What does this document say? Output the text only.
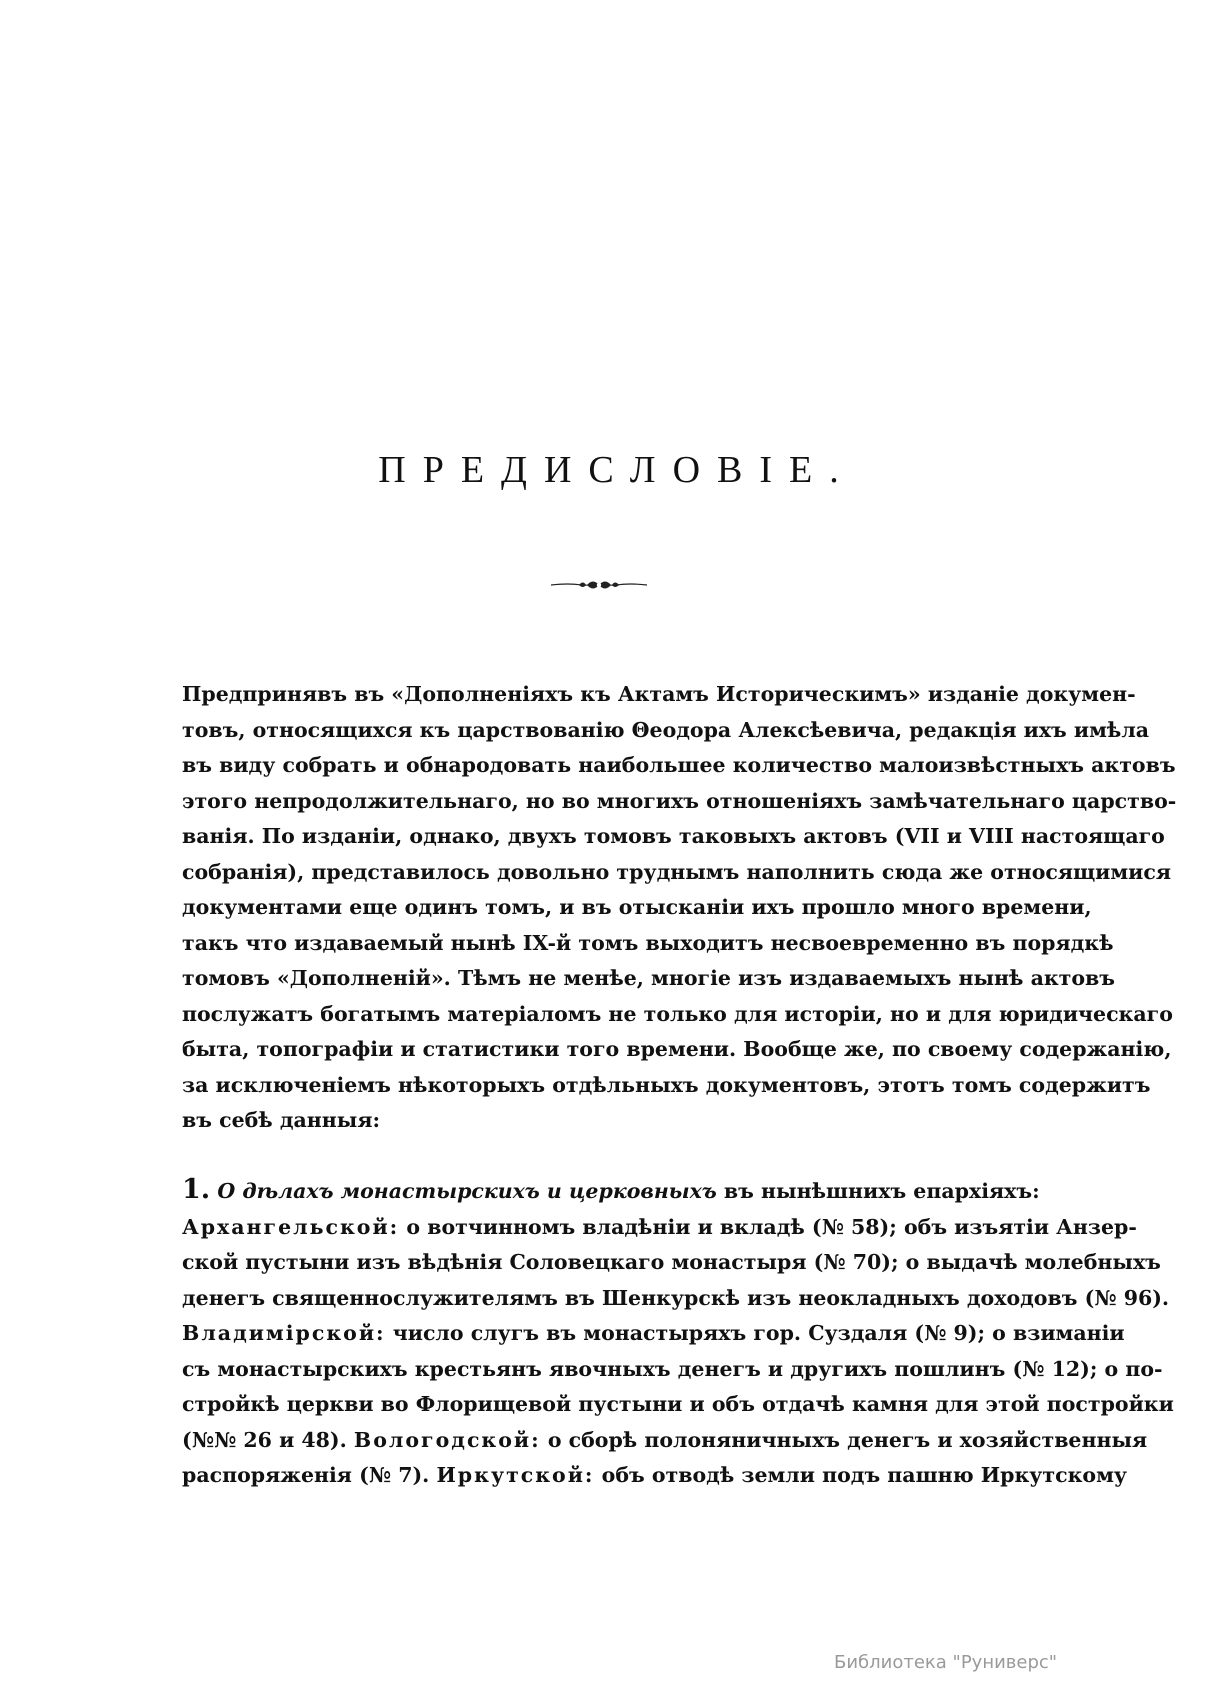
ПРЕДИСЛОВІЕ.
Предпринявъ въ «Дополненіяхъ къ Актамъ Историческимъ» изданіе докумен-
товъ, относящихся къ царствованію Θеодора Алексѣевича, редакція ихъ имѣла
въ виду собрать и обнародовать наибольшее количество малоизвѣстныхъ актовъ
этого непродолжительнаго, но во многихъ отношеніяхъ замѣчательнаго царство-
ванія. По изданіи, однако, двухъ томовъ таковыхъ актовъ (VII и VIII настоящаго
собранія), представилось довольно труднымъ наполнить сюда же относящимися
документами еще одинъ томъ, и въ отысканіи ихъ прошло много времени,
такъ что издаваемый нынѣ IX-й томъ выходитъ несвоевременно въ порядкѣ
томовъ «Дополненій». Тѣмъ не менѣе, многіе изъ издаваемыхъ нынѣ актовъ
послужатъ богатымъ матеріаломъ не только для исторіи, но и для юридическаго
быта, топографіи и статистики того времени. Вообще же, по своему содержанію,
за исключеніемъ нѣкоторыхъ отдѣльныхъ документовъ, этотъ томъ содержитъ
въ себѣ данныя:
1. О дѣлахъ монастырскихъ и церковныхъ въ нынѣшнихъ епархіяхъ:
Архангельской: о вотчинномъ владѣніи и вкладѣ (№ 58); объ изъятіи Анзер-
ской пустыни изъ вѣдѣнія Соловецкаго монастыря (№ 70); о выдачѣ молебныхъ
денегъ священнослужителямъ въ Шенкурскѣ изъ неокладныхъ доходовъ (№ 96).
Владимірской: число слугъ въ монастыряхъ гор. Суздаля (№ 9); о взиманіи
съ монастырскихъ крестьянъ явочныхъ денегъ и другихъ пошлинъ (№ 12); о по-
стройкѣ церкви во Флорищевой пустыни и объ отдачѣ камня для этой постройки
(№№ 26 и 48). Вологодской: о сборѣ полоняничныхъ денегъ и хозяйственныя
распоряженія (№ 7). Иркутской: объ отводѣ земли подъ пашню Иркутскому
Библиотека "Руниверс"
